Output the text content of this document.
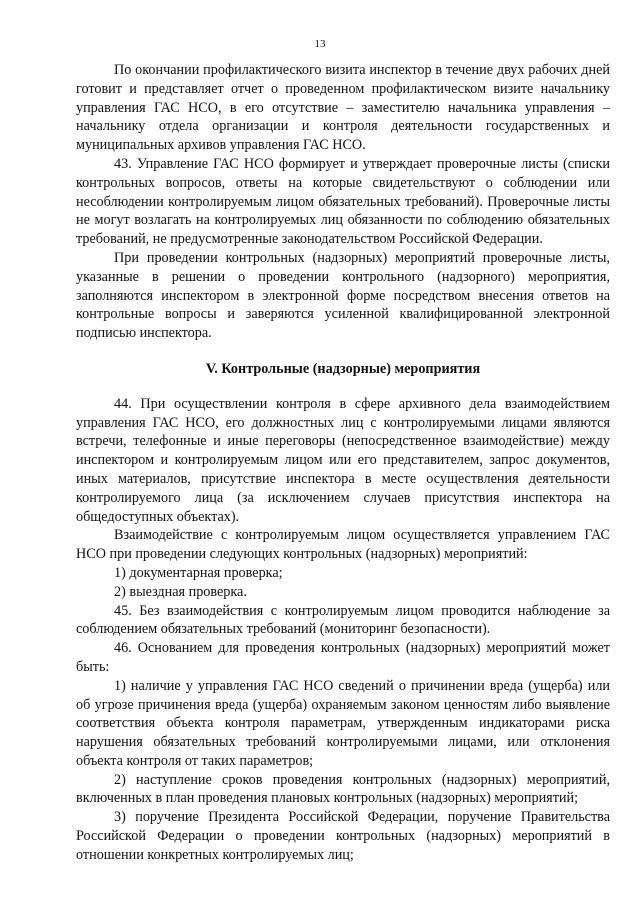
13

По окончании профилактического визита инспектор в течение двух рабочих дней готовит и представляет отчет о проведенном профилактическом визите начальнику управления ГАС НСО, в его отсутствие – заместителю начальника управления – начальнику отдела организации и контроля деятельности государственных и муниципальных архивов управления ГАС НСО.

43. Управление ГАС НСО формирует и утверждает проверочные листы (списки контрольных вопросов, ответы на которые свидетельствуют о соблюдении или несоблюдении контролируемым лицом обязательных требований). Проверочные листы не могут возлагать на контролируемых лиц обязанности по соблюдению обязательных требований, не предусмотренные законодательством Российской Федерации.

При проведении контрольных (надзорных) мероприятий проверочные листы, указанные в решении о проведении контрольного (надзорного) мероприятия, заполняются инспектором в электронной форме посредством внесения ответов на контрольные вопросы и заверяются усиленной квалифицированной электронной подписью инспектора.

V. Контрольные (надзорные) мероприятия

44. При осуществлении контроля в сфере архивного дела взаимодействием управления ГАС НСО, его должностных лиц с контролируемыми лицами являются встречи, телефонные и иные переговоры (непосредственное взаимодействие) между инспектором и контролируемым лицом или его представителем, запрос документов, иных материалов, присутствие инспектора в месте осуществления деятельности контролируемого лица (за исключением случаев присутствия инспектора на общедоступных объектах).

Взаимодействие с контролируемым лицом осуществляется управлением ГАС НСО при проведении следующих контрольных (надзорных) мероприятий:

1) документарная проверка;

2) выездная проверка.

45. Без взаимодействия с контролируемым лицом проводится наблюдение за соблюдением обязательных требований (мониторинг безопасности).

46. Основанием для проведения контрольных (надзорных) мероприятий может быть:

1) наличие у управления ГАС НСО сведений о причинении вреда (ущерба) или об угрозе причинения вреда (ущерба) охраняемым законом ценностям либо выявление соответствия объекта контроля параметрам, утвержденным индикаторами риска нарушения обязательных требований контролируемыми лицами, или отклонения объекта контроля от таких параметров;

2) наступление сроков проведения контрольных (надзорных) мероприятий, включенных в план проведения плановых контрольных (надзорных) мероприятий;

3) поручение Президента Российской Федерации, поручение Правительства Российской Федерации о проведении контрольных (надзорных) мероприятий в отношении конкретных контролируемых лиц;
